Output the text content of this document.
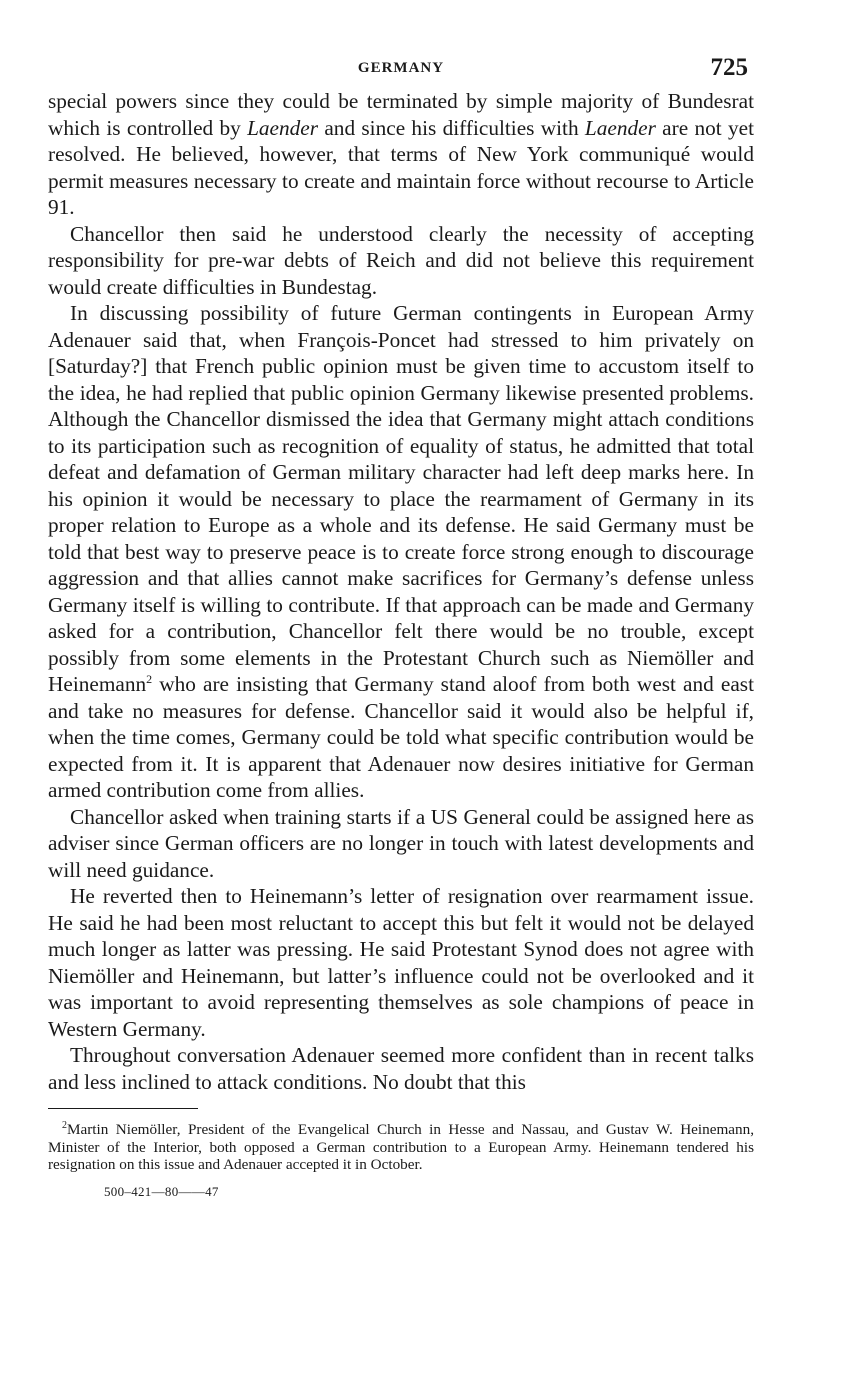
GERMANY	725

special powers since they could be terminated by simple majority of Bundesrat which is controlled by Laender and since his difficulties with Laender are not yet resolved. He believed, however, that terms of New York communiqué would permit measures necessary to create and maintain force without recourse to Article 91.

Chancellor then said he understood clearly the necessity of accepting responsibility for pre-war debts of Reich and did not believe this requirement would create difficulties in Bundestag.

In discussing possibility of future German contingents in European Army Adenauer said that, when François-Poncet had stressed to him privately on [Saturday?] that French public opinion must be given time to accustom itself to the idea, he had replied that public opinion Germany likewise presented problems. Although the Chancellor dismissed the idea that Germany might attach conditions to its participation such as recognition of equality of status, he admitted that total defeat and defamation of German military character had left deep marks here. In his opinion it would be necessary to place the rearmament of Germany in its proper relation to Europe as a whole and its defense. He said Germany must be told that best way to preserve peace is to create force strong enough to discourage aggression and that allies cannot make sacrifices for Germany’s defense unless Germany itself is willing to contribute. If that approach can be made and Germany asked for a contribution, Chancellor felt there would be no trouble, except possibly from some elements in the Protestant Church such as Niemöller and Heinemann$^2$ who are insisting that Germany stand aloof from both west and east and take no measures for defense. Chancellor said it would also be helpful if, when the time comes, Germany could be told what specific contribution would be expected from it. It is apparent that Adenauer now desires initiative for German armed contribution come from allies.

Chancellor asked when training starts if a US General could be assigned here as adviser since German officers are no longer in touch with latest developments and will need guidance.

He reverted then to Heinemann’s letter of resignation over rearmament issue. He said he had been most reluctant to accept this but felt it would not be delayed much longer as latter was pressing. He said Protestant Synod does not agree with Niemöller and Heinemann, but latter’s influence could not be overlooked and it was important to avoid representing themselves as sole champions of peace in Western Germany.

Throughout conversation Adenauer seemed more confident than in recent talks and less inclined to attack conditions. No doubt that this

$^2$Martin Niemöller, President of the Evangelical Church in Hesse and Nassau, and Gustav W. Heinemann, Minister of the Interior, both opposed a German contribution to a European Army. Heinemann tendered his resignation on this issue and Adenauer accepted it in October.
500–421—80——47
